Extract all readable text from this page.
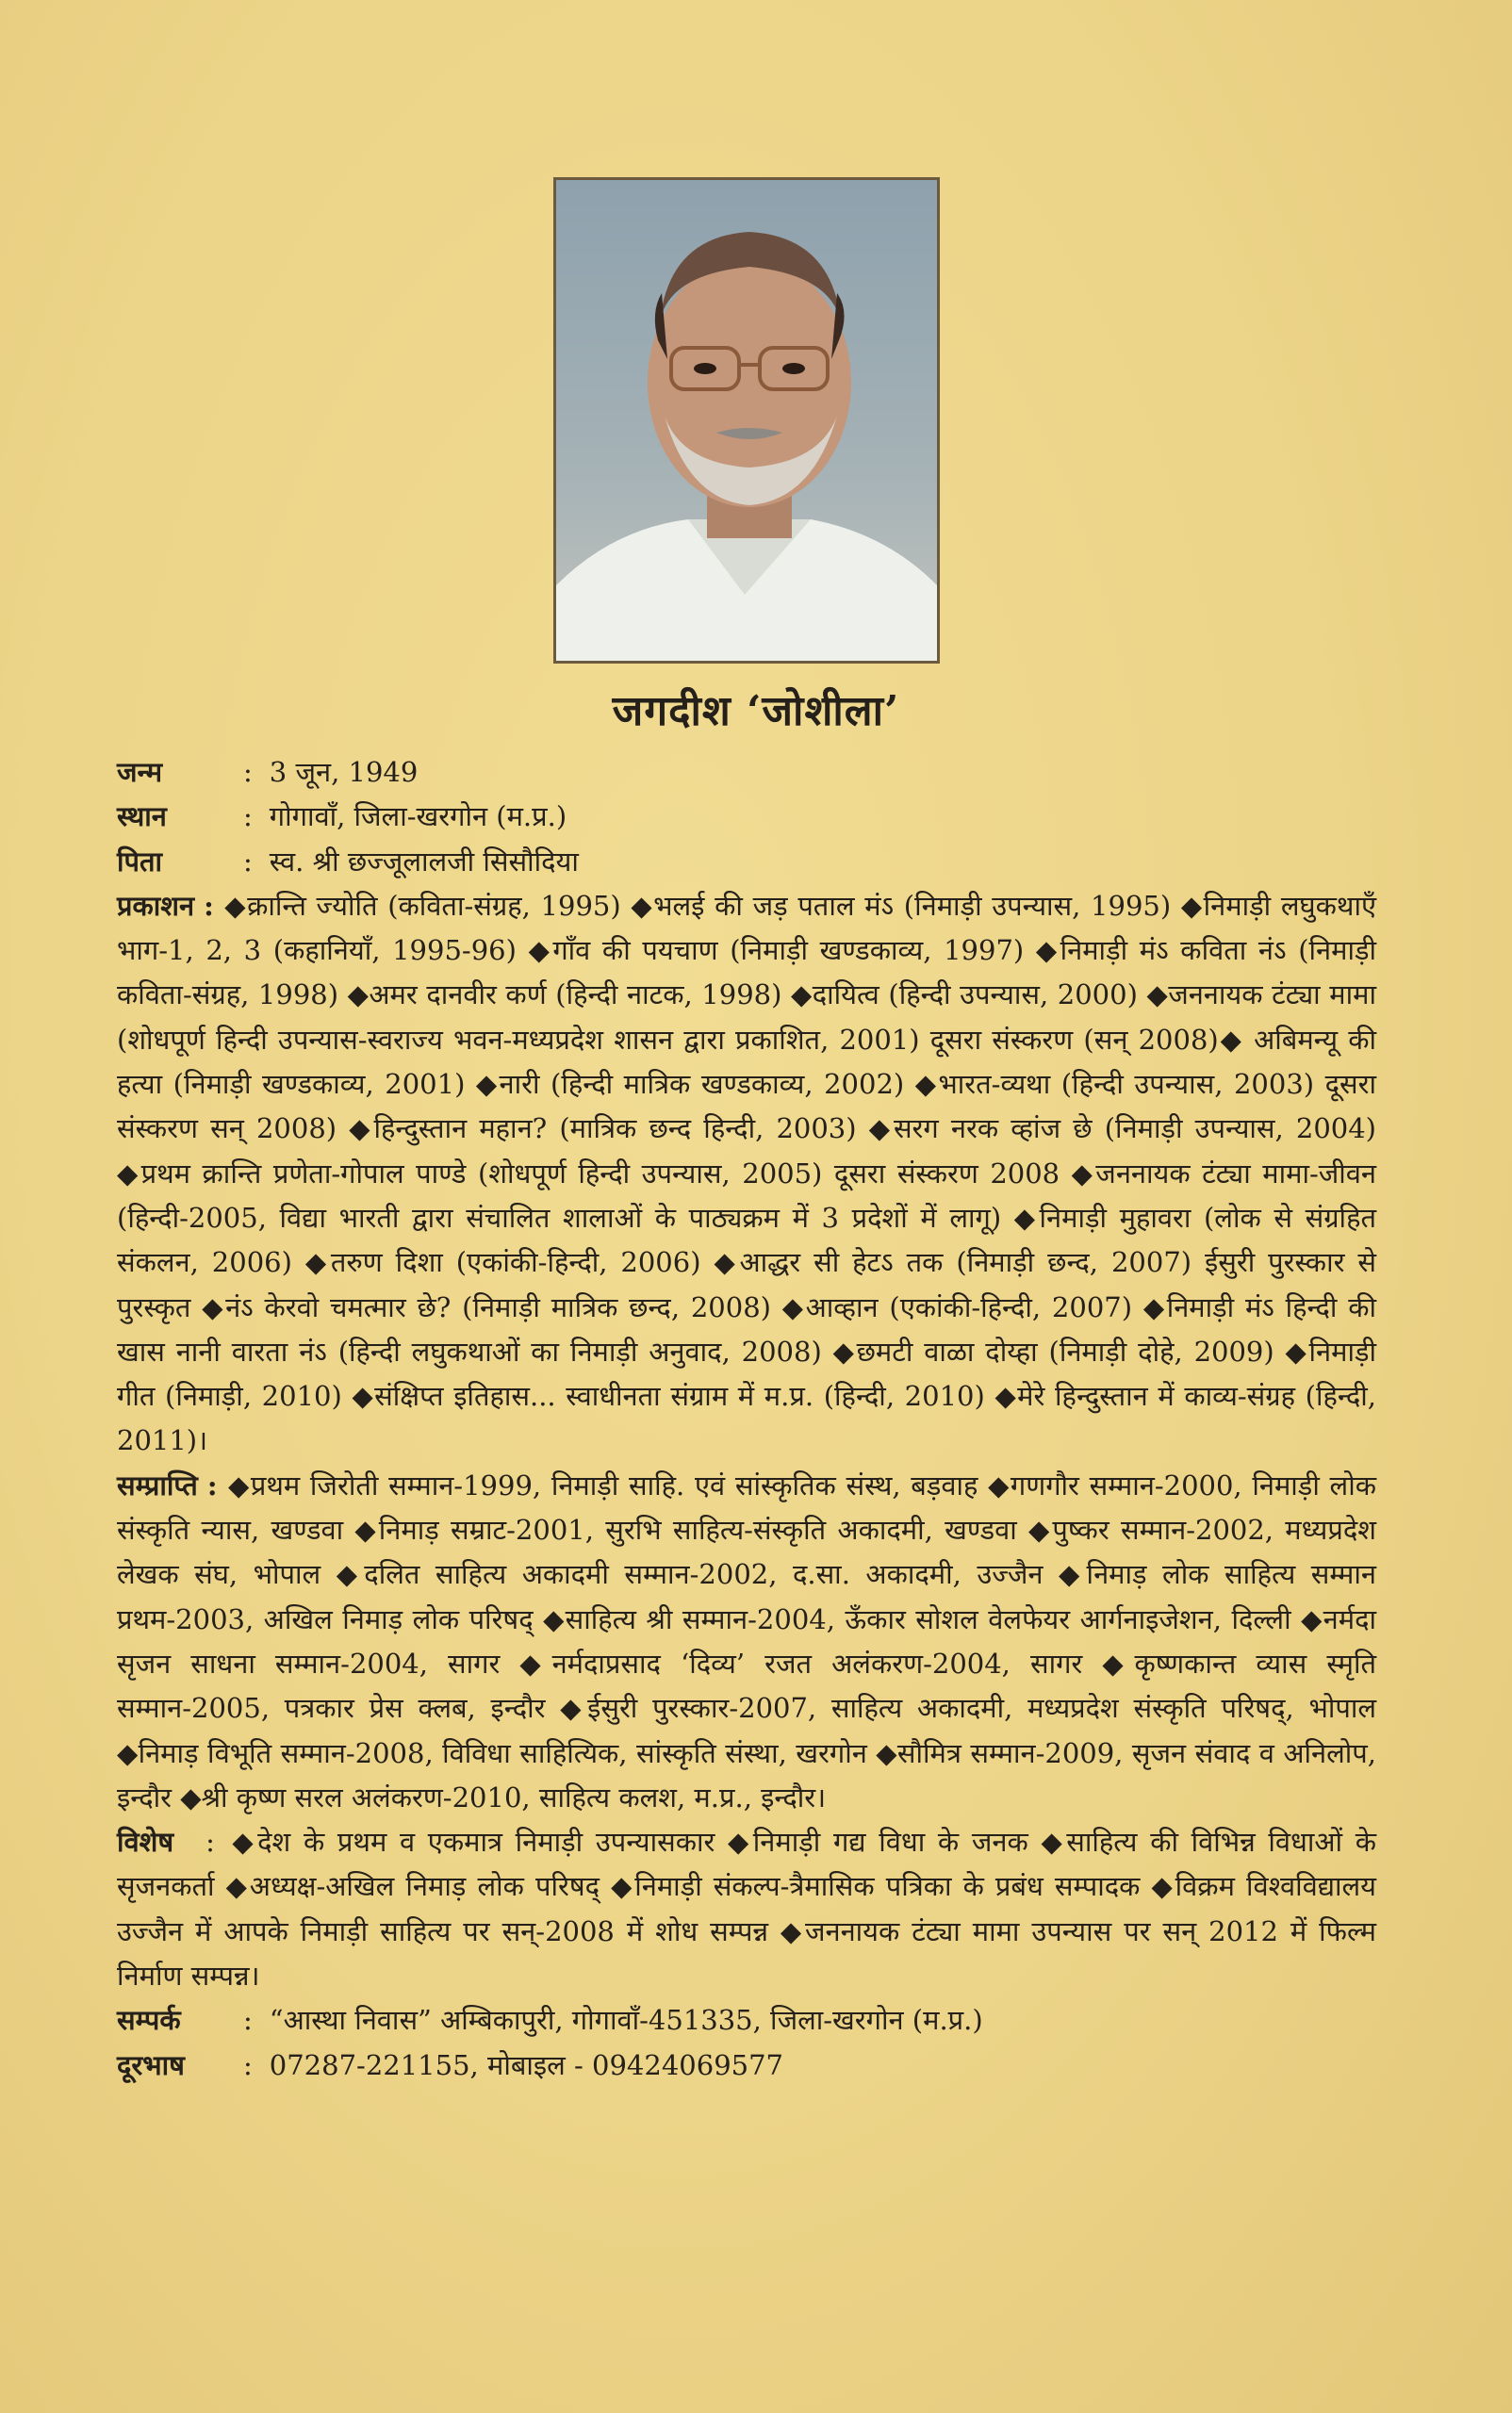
जगदीश ‘जोशीला’
जन्म	: 3 जून, 1949
स्थान	: गोगावाँ, जिला-खरगोन (म.प्र.)
पिता	: स्व. श्री छज्जूलालजी सिसौदिया

प्रकाशन : ◆क्रान्ति ज्योति (कविता-संग्रह, 1995) ◆भलई की जड़ पताल मंऽ (निमाड़ी उपन्यास, 1995) ◆निमाड़ी लघुकथाएँ भाग-1, 2, 3 (कहानियाँ, 1995-96) ◆गाँव की पयचाण (निमाड़ी खण्डकाव्य, 1997) ◆निमाड़ी मंऽ कविता नंऽ (निमाड़ी कविता-संग्रह, 1998) ◆अमर दानवीर कर्ण (हिन्दी नाटक, 1998) ◆दायित्व (हिन्दी उपन्यास, 2000) ◆जननायक टंट्या मामा (शोधपूर्ण हिन्दी उपन्यास-स्वराज्य भवन-मध्यप्रदेश शासन द्वारा प्रकाशित, 2001) दूसरा संस्करण (सन् 2008)◆ अबिमन्यू की हत्या (निमाड़ी खण्डकाव्य, 2001) ◆नारी (हिन्दी मात्रिक खण्डकाव्य, 2002) ◆भारत-व्यथा (हिन्दी उपन्यास, 2003) दूसरा संस्करण सन् 2008) ◆हिन्दुस्तान महान? (मात्रिक छन्द हिन्दी, 2003) ◆सरग नरक व्हांज छे (निमाड़ी उपन्यास, 2004) ◆प्रथम क्रान्ति प्रणेता-गोपाल पाण्डे (शोधपूर्ण हिन्दी उपन्यास, 2005) दूसरा संस्करण 2008 ◆जननायक टंट्या मामा-जीवन (हिन्दी-2005, विद्या भारती द्वारा संचालित शालाओं के पाठ्यक्रम में 3 प्रदेशों में लागू) ◆निमाड़ी मुहावरा (लोक से संग्रहित संकलन, 2006) ◆तरुण दिशा (एकांकी-हिन्दी, 2006) ◆आद्धर सी हेटऽ तक (निमाड़ी छन्द, 2007) ईसुरी पुरस्कार से पुरस्कृत ◆नंऽ केरवो चमत्मार छे? (निमाड़ी मात्रिक छन्द, 2008) ◆आव्हान (एकांकी-हिन्दी, 2007) ◆निमाड़ी मंऽ हिन्दी की खास नानी वारता नंऽ (हिन्दी लघुकथाओं का निमाड़ी अनुवाद, 2008) ◆छमटी वाळा दोय्हा (निमाड़ी दोहे, 2009) ◆निमाड़ी गीत (निमाड़ी, 2010) ◆संक्षिप्त इतिहास... स्वाधीनता संग्राम में म.प्र. (हिन्दी, 2010) ◆मेरे हिन्दुस्तान में काव्य-संग्रह (हिन्दी, 2011)।

सम्प्राप्ति : ◆प्रथम जिरोती सम्मान-1999, निमाड़ी साहि. एवं सांस्कृतिक संस्थ, बड़वाह ◆गणगौर सम्मान-2000, निमाड़ी लोक संस्कृति न्यास, खण्डवा ◆निमाड़ सम्राट-2001, सुरभि साहित्य-संस्कृति अकादमी, खण्डवा ◆पुष्कर सम्मान-2002, मध्यप्रदेश लेखक संघ, भोपाल ◆दलित साहित्य अकादमी सम्मान-2002, द.सा. अकादमी, उज्जैन ◆निमाड़ लोक साहित्य सम्मान प्रथम-2003, अखिल निमाड़ लोक परिषद् ◆साहित्य श्री सम्मान-2004, ऊँकार सोशल वेलफेयर आर्गनाइजेशन, दिल्ली ◆नर्मदा सृजन साधना सम्मान-2004, सागर ◆नर्मदाप्रसाद ‘दिव्य’ रजत अलंकरण-2004, सागर ◆कृष्णकान्त व्यास स्मृति सम्मान-2005, पत्रकार प्रेस क्लब, इन्दौर ◆ईसुरी पुरस्कार-2007, साहित्य अकादमी, मध्यप्रदेश संस्कृति परिषद्, भोपाल ◆निमाड़ विभूति सम्मान-2008, विविधा साहित्यिक, सांस्कृति संस्था, खरगोन ◆सौमित्र सम्मान-2009, सृजन संवाद व अनिलोप, इन्दौर ◆श्री कृष्ण सरल अलंकरण-2010, साहित्य कलश, म.प्र., इन्दौर।

विशेष : ◆देश के प्रथम व एकमात्र निमाड़ी उपन्यासकार ◆निमाड़ी गद्य विधा के जनक ◆साहित्य की विभिन्न विधाओं के सृजनकर्ता ◆अध्यक्ष-अखिल निमाड़ लोक परिषद् ◆निमाड़ी संकल्प-त्रैमासिक पत्रिका के प्रबंध सम्पादक ◆विक्रम विश्वविद्यालय उज्जैन में आपके निमाड़ी साहित्य पर सन्-2008 में शोध सम्पन्न ◆जननायक टंट्या मामा उपन्यास पर सन् 2012 में फिल्म निर्माण सम्पन्न।

सम्पर्क	: “आस्था निवास” अम्बिकापुरी, गोगावाँ-451335, जिला-खरगोन (म.प्र.)
दूरभाष	: 07287-221155, मोबाइल - 09424069577
